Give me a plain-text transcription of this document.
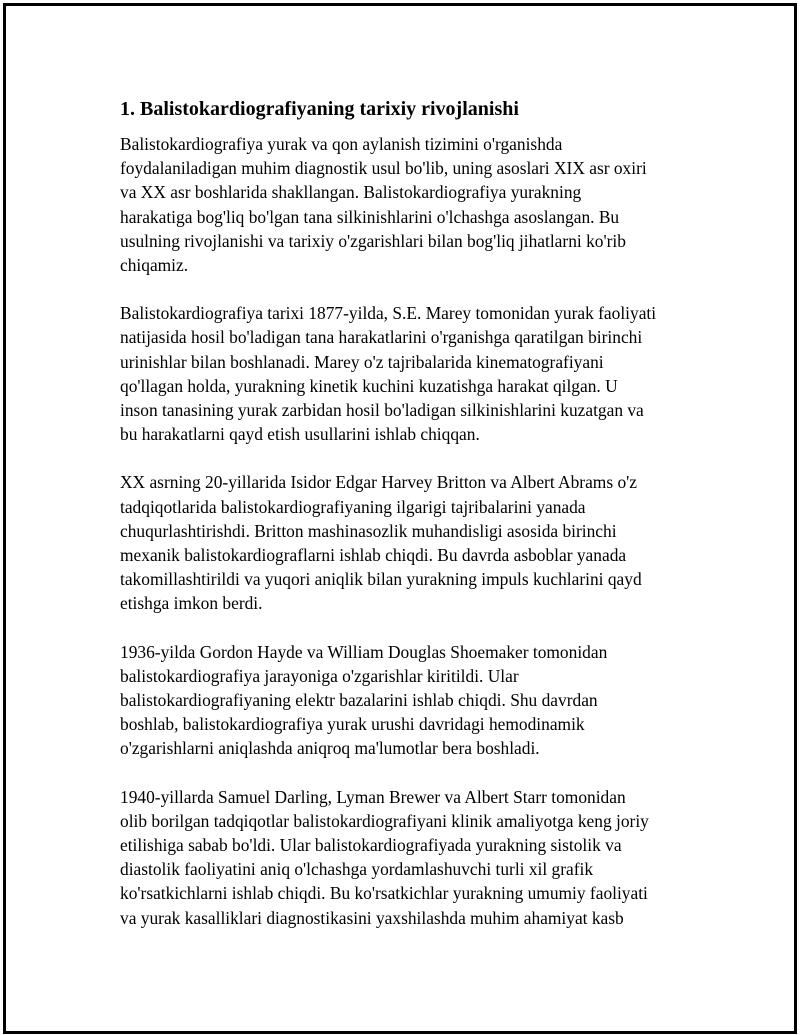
1. Balistokardiografiyaning tarixiy rivojlanishi

Balistokardiografiya yurak va qon aylanish tizimini o'rganishda
foydalaniladigan muhim diagnostik usul bo'lib, uning asoslari XIX asr oxiri
va XX asr boshlarida shakllangan. Balistokardiografiya yurakning
harakatiga bog'liq bo'lgan tana silkinishlarini o'lchashga asoslangan. Bu
usulning rivojlanishi va tarixiy o'zgarishlari bilan bog'liq jihatlarni ko'rib
chiqamiz.

Balistokardiografiya tarixi 1877-yilda, S.E. Marey tomonidan yurak faoliyati
natijasida hosil bo'ladigan tana harakatlarini o'rganishga qaratilgan birinchi
urinishlar bilan boshlanadi. Marey o'z tajribalarida kinematografiyani
qo'llagan holda, yurakning kinetik kuchini kuzatishga harakat qilgan. U
inson tanasining yurak zarbidan hosil bo'ladigan silkinishlarini kuzatgan va
bu harakatlarni qayd etish usullarini ishlab chiqqan.

XX asrning 20-yillarida Isidor Edgar Harvey Britton va Albert Abrams o'z
tadqiqotlarida balistokardiografiyaning ilgarigi tajribalarini yanada
chuqurlashtirishdi. Britton mashinasozlik muhandisligi asosida birinchi
mexanik balistokardiograflarni ishlab chiqdi. Bu davrda asboblar yanada
takomillashtirildi va yuqori aniqlik bilan yurakning impuls kuchlarini qayd
etishga imkon berdi.

1936-yilda Gordon Hayde va William Douglas Shoemaker tomonidan
balistokardiografiya jarayoniga o'zgarishlar kiritildi. Ular
balistokardiografiyaning elektr bazalarini ishlab chiqdi. Shu davrdan
boshlab, balistokardiografiya yurak urushi davridagi hemodinamik
o'zgarishlarni aniqlashda aniqroq ma'lumotlar bera boshladi.

1940-yillarda Samuel Darling, Lyman Brewer va Albert Starr tomonidan
olib borilgan tadqiqotlar balistokardiografiyani klinik amaliyotga keng joriy
etilishiga sabab bo'ldi. Ular balistokardiografiyada yurakning sistolik va
diastolik faoliyatini aniq o'lchashga yordamlashuvchi turli xil grafik
ko'rsatkichlarni ishlab chiqdi. Bu ko'rsatkichlar yurakning umumiy faoliyati
va yurak kasalliklari diagnostikasini yaxshilashda muhim ahamiyat kasb
